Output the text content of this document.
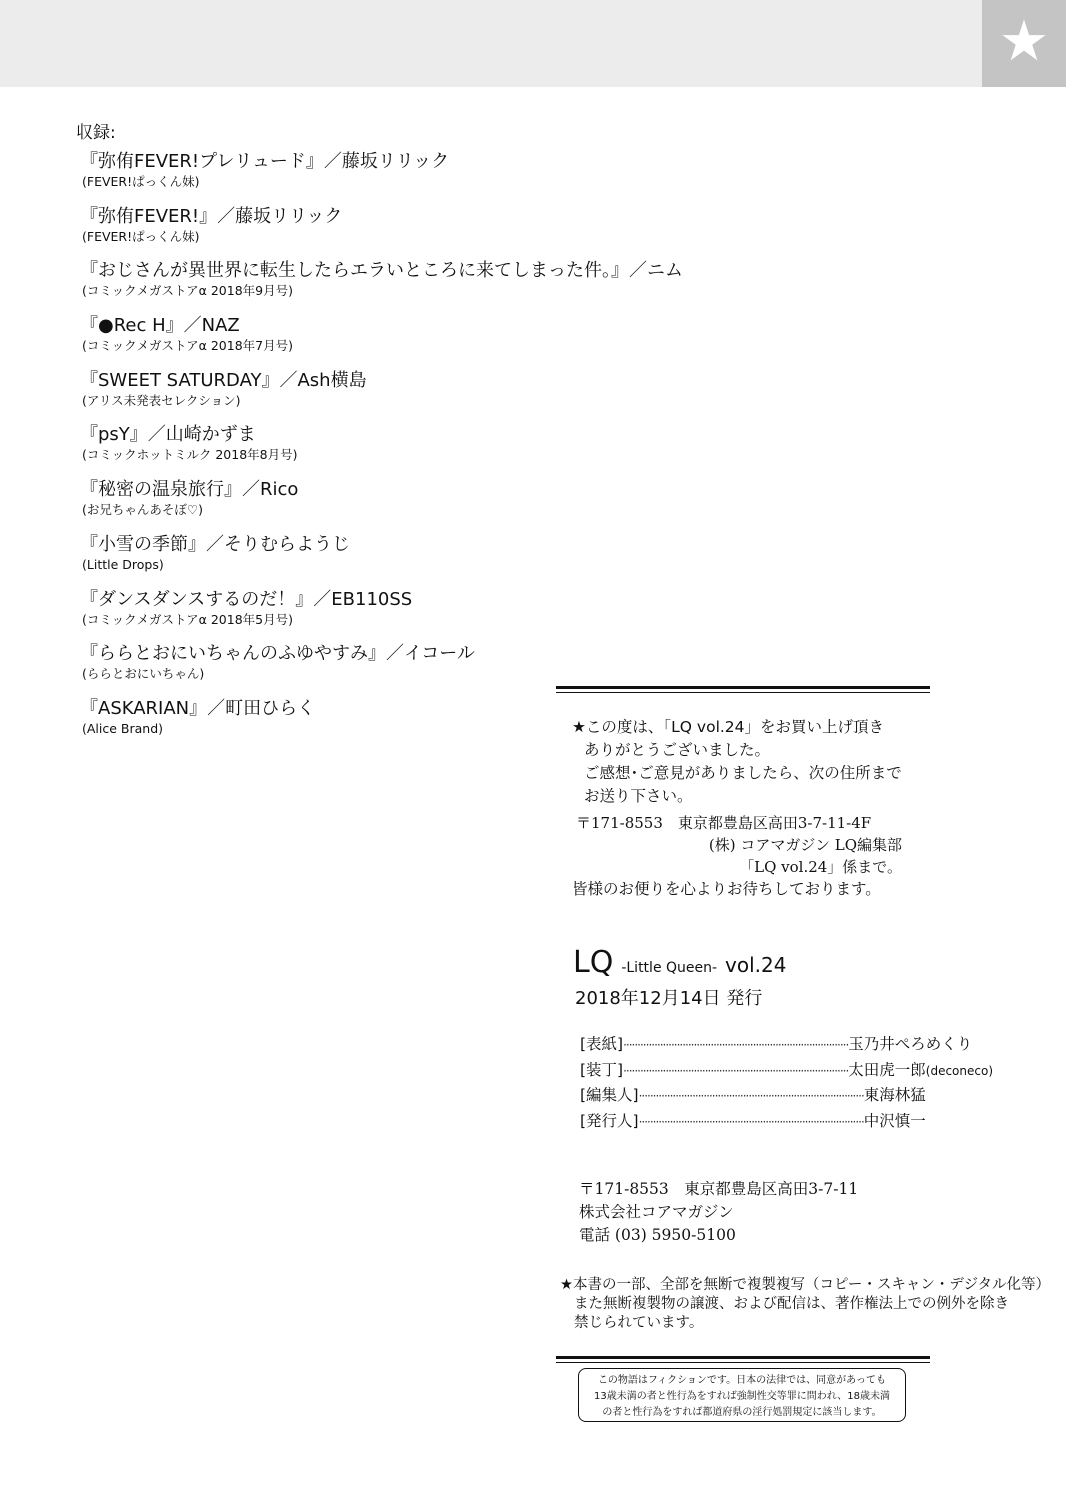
★
収録:
『弥侑FEVER!プレリュード』／藤坂リリック
(FEVER!ぱっくん妹)
『弥侑FEVER!』／藤坂リリック
(FEVER!ぱっくん妹)
『おじさんが異世界に転生したらエラいところに来てしまった件。』／ニム
(コミックメガストアα 2018年9月号)
『●Rec H』／NAZ
(コミックメガストアα 2018年7月号)
『SWEET SATURDAY』／Ash横島
(アリス未発表セレクション)
『psY』／山崎かずま
(コミックホットミルク 2018年8月号)
『秘密の温泉旅行』／Rico
(お兄ちゃんあそぼ♡)
『小雪の季節』／そりむらようじ
(Little Drops)
『ダンスダンスするのだ！』／EB110SS
(コミックメガストアα 2018年5月号)
『ららとおにいちゃんのふゆやすみ』／イコール
(ららとおにいちゃん)
『ASKARIAN』／町田ひらく
(Alice Brand)	★この度は、「LQ vol.24」をお買い上げ頂き
ありがとうございました。
ご感想･ご意見がありましたら、次の住所まで
お送り下さい。
〒171-8553　東京都豊島区高田3-7-11-4F
(株) コアマガジン LQ編集部
「LQ vol.24」係まで。
皆様のお便りを心よりお待ちしております。
LQ -Little Queen- vol.24
2018年12月14日 発行
[表紙] ················································································ 玉乃井ぺろめくり
[装丁] ················································································ 太田虎一郎 (deconeco)
[編集人] ················································································ 東海林猛
[発行人] ················································································ 中沢慎一
〒171-8553　東京都豊島区高田3-7-11
株式会社コアマガジン
電話 (03) 5950-5100
★本書の一部、全部を無断で複製複写（コピー・スキャン・デジタル化等）
また無断複製物の譲渡、および配信は、著作権法上での例外を除き
禁じられています。
この物語はフィクションです。日本の法律では、同意があっても
13歳未満の者と性行為をすれば強制性交等罪に問われ、18歳未満
の者と性行為をすれば都道府県の淫行処罰規定に該当します。
